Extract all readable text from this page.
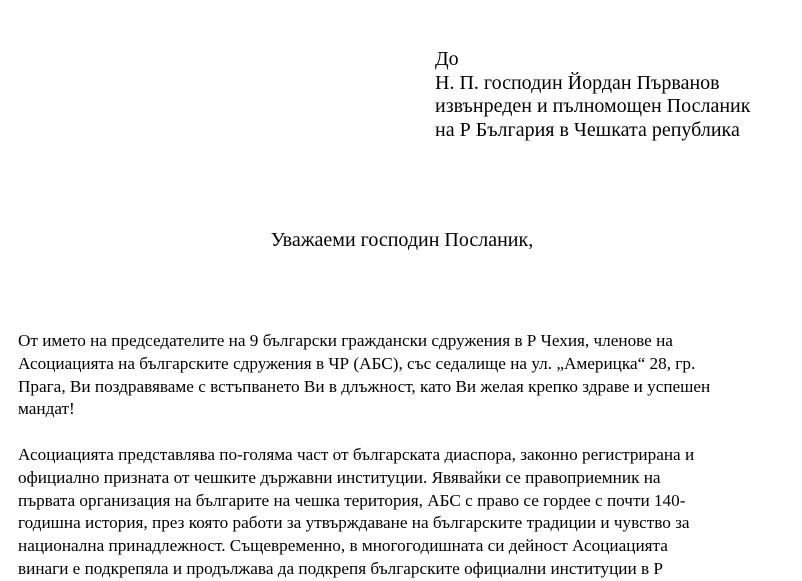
До
Н. П. господин Йордан Първанов
извънреден и пълномощен Посланик
на Р България в Чешката република
Уважаеми господин Посланик,
От името на председателите на 9 български граждански сдружения в Р Чехия, членове на
Асоциацията на българските сдружения в ЧР (АБС), със седалище на ул. „Америцка“ 28, гр.
Прага, Ви поздравяваме с встъпването Ви в длъжност, като Ви желая крепко здраве и успешен
мандат!
Асоциацията представлява по-голяма част от българската диаспора, законно регистрирана и
официално призната от чешките държавни институции. Явявайки се правоприемник на
първата организация на българите на чешка територия, АБС с право се гордее с почти 140-
годишна история, през която работи за утвърждаване на българските традиции и чувство за
национална принадлежност. Същевременно, в многогодишната си дейност Асоциацията
винаги е подкрепяла и продължава да подкрепя българските официални институции в Р
